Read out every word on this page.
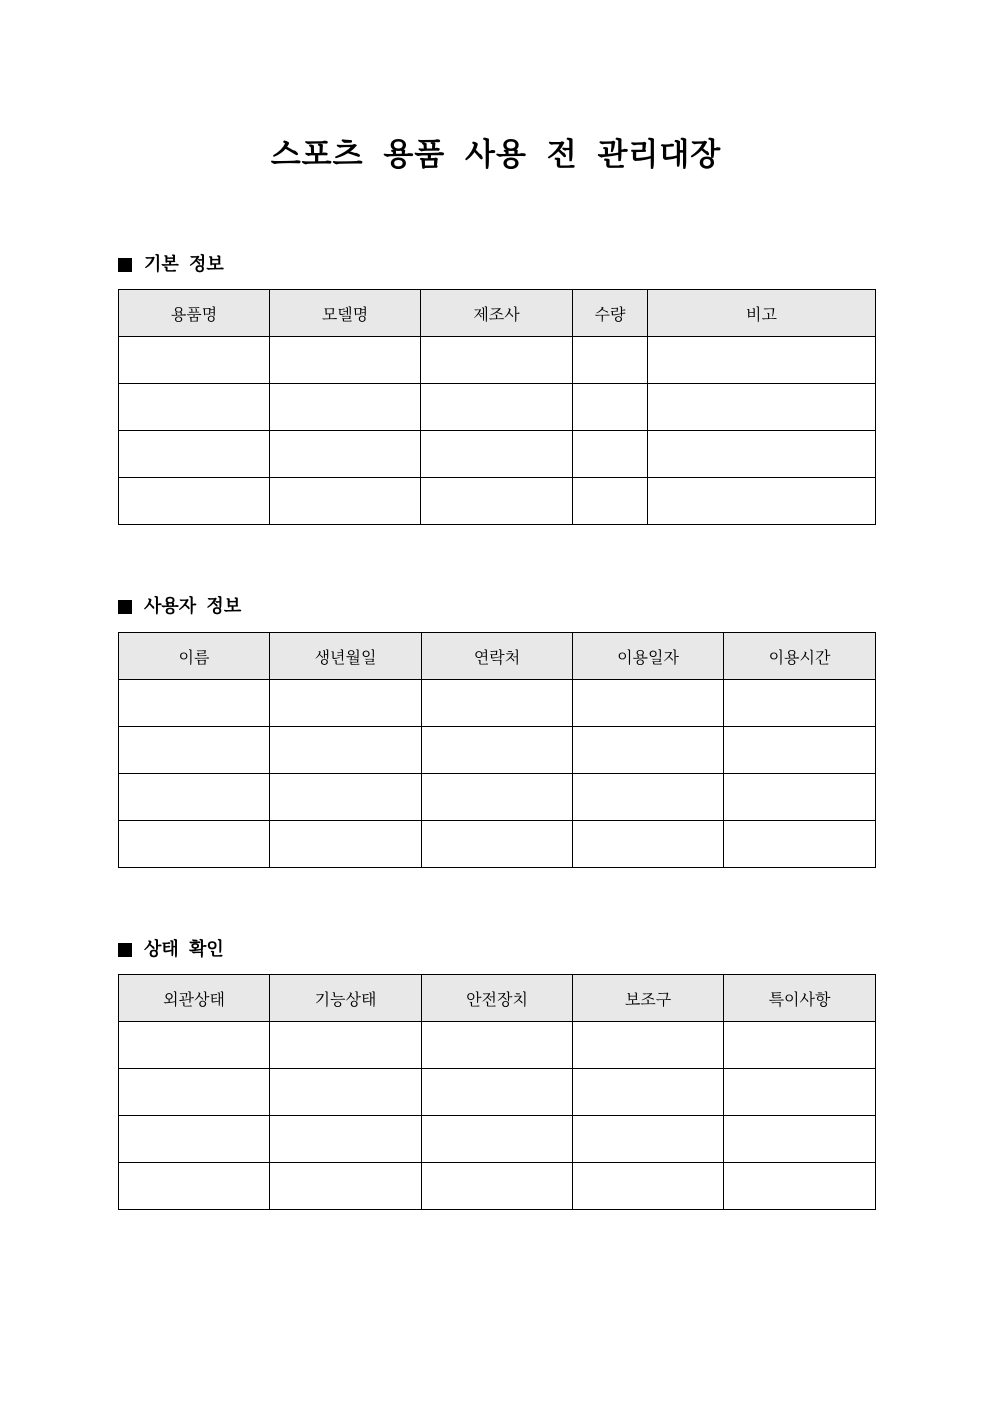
스포츠 용품 사용 전 관리대장
기본 정보
용품명	모델명	제조사	수량	비고

사용자 정보
이름	생년월일	연락처	이용일자	이용시간

상태 확인
외관상태	기능상태	안전장치	보조구	특이사항
